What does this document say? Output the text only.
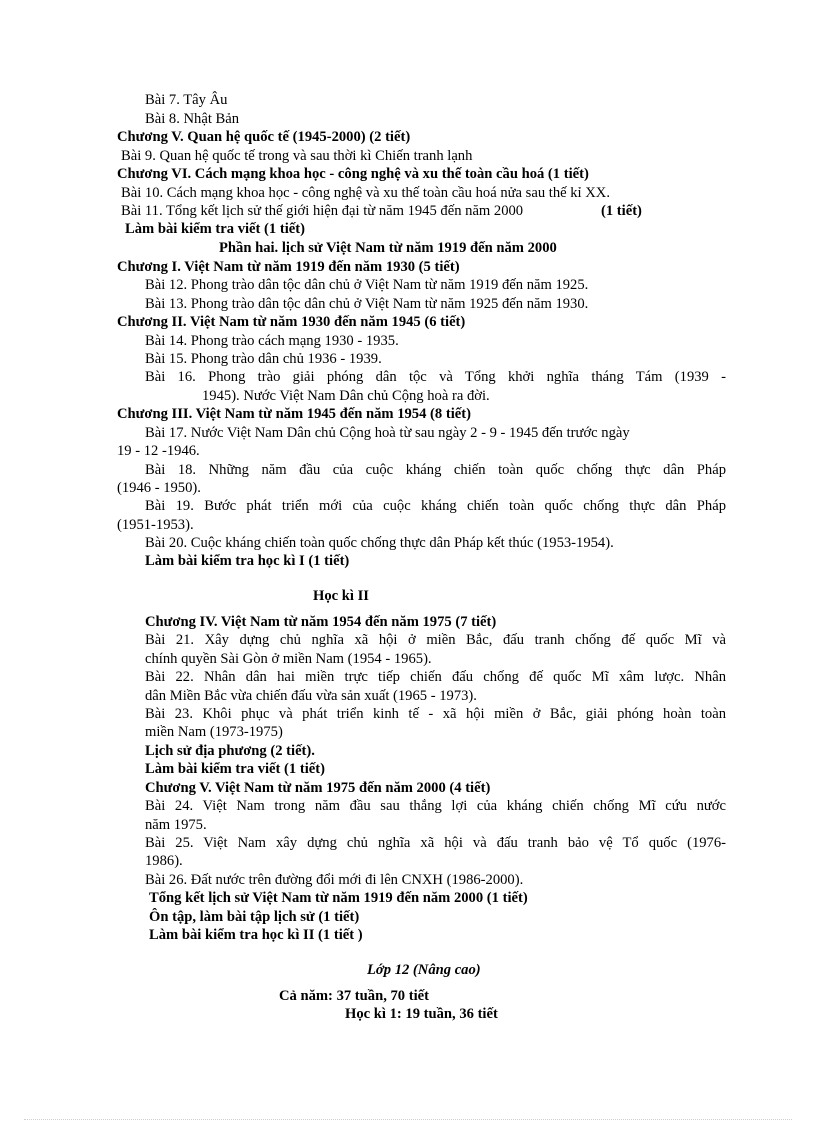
Bài 7. Tây Âu
Bài 8. Nhật Bản
Chương V. Quan hệ quốc tế (1945-2000) (2 tiết)
Bài 9. Quan hệ quốc tế trong và sau thời kì Chiến tranh lạnh
Chương VI. Cách mạng khoa học - công nghệ và xu thế toàn cầu hoá (1 tiết)
Bài 10. Cách mạng khoa học - công nghệ và xu thế toàn cầu hoá nửa sau thế kỉ XX.
Bài 11. Tổng kết lịch sử thế giới hiện đại từ năm 1945 đến năm 2000	(1 tiết)
Làm bài kiểm tra viết (1 tiết)
Phần hai. lịch sử Việt Nam từ năm 1919 đến năm 2000
Chương I. Việt Nam từ năm 1919 đến năm 1930 (5 tiết)
Bài 12. Phong trào dân tộc dân chủ ở Việt Nam từ năm 1919 đến năm 1925.
Bài 13. Phong trào dân tộc dân chủ ở Việt Nam từ năm 1925 đến năm 1930.
Chương II. Việt Nam từ năm 1930 đến năm 1945 (6 tiết)
Bài 14. Phong trào cách mạng 1930 - 1935.
Bài 15. Phong trào dân chủ 1936 - 1939.
Bài 16. Phong trào giải phóng dân tộc và Tổng khởi nghĩa tháng Tám (1939 -
1945). Nước Việt Nam Dân chủ Cộng hoà ra đời.
Chương III. Việt Nam từ năm 1945 đến năm 1954 (8 tiết)
Bài 17. Nước Việt Nam Dân chủ Cộng hoà từ sau ngày 2 - 9 - 1945 đến trước ngày
19 - 12 -1946.
Bài 18. Những năm đầu của cuộc kháng chiến toàn quốc chống thực dân Pháp
(1946 - 1950).
Bài 19. Bước phát triển mới của cuộc kháng chiến toàn quốc chống thực dân Pháp
(1951-1953).
Bài 20. Cuộc kháng chiến toàn quốc chống thực dân Pháp kết thúc (1953-1954).
Làm bài kiểm tra học kì I (1 tiết)
Học kì II
Chương IV. Việt Nam từ năm 1954 đến năm 1975 (7 tiết)
Bài 21. Xây dựng chủ nghĩa xã hội ở miền Bắc, đấu tranh chống đế quốc Mĩ và
chính quyền Sài Gòn ở miền Nam (1954 - 1965).
Bài 22. Nhân dân hai miền trực tiếp chiến đấu chống đế quốc Mĩ xâm lược. Nhân
dân Miền Bắc vừa chiến đấu vừa sản xuất (1965 - 1973).
Bài 23. Khôi phục và phát triển kinh tế - xã hội miền ở Bắc, giải phóng hoàn toàn
miền Nam (1973-1975)
Lịch sử địa phương (2 tiết).
Làm bài kiểm tra viết (1 tiết)
Chương V. Việt Nam từ năm 1975 đến năm 2000 (4 tiết)
Bài 24. Việt Nam trong năm đầu sau thắng lợi của kháng chiến chống Mĩ cứu nước
năm 1975.
Bài 25. Việt Nam xây dựng chủ nghĩa xã hội và đấu tranh bảo vệ Tổ quốc (1976-
1986).
Bài 26. Đất nước trên đường đổi mới đi lên CNXH (1986-2000).
Tổng kết lịch sử Việt Nam từ năm 1919 đến năm 2000 (1 tiết)
Ôn tập, làm bài tập lịch sử (1 tiết)
Làm bài kiểm tra học kì II (1 tiết )
Lớp 12 (Nâng cao)
Cả năm: 37 tuần, 70 tiết
Học kì 1: 19 tuần, 36 tiết
